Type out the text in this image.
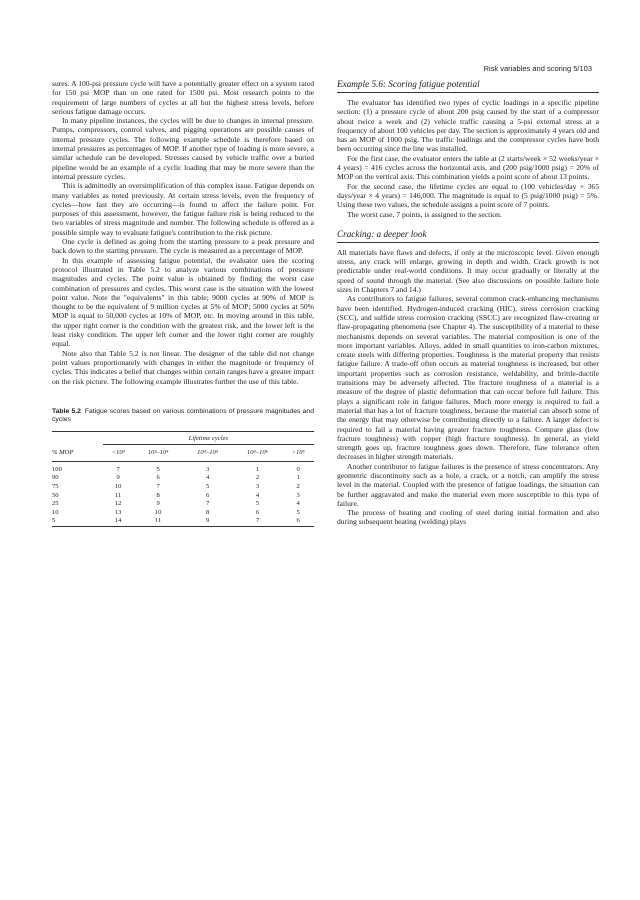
Risk variables and scoring 5/103

sures. A 100-psi pressure cycle will have a potentially greater effect on a system rated for 150 psi MOP than on one rated for 1500 psi. Most research points to the requirement of large numbers of cycles at all but the highest stress levels, before serious fatigue damage occurs.

In many pipeline instances, the cycles will be due to changes in internal pressure. Pumps, compressors, control valves, and pigging operations are possible causes of internal pressure cycles. The following example schedule is therefore based on internal pressures as percentages of MOP. If another type of loading is more severe, a similar schedule can be developed. Stresses caused by vehicle traffic over a buried pipeline would be an example of a cyclic loading that may be more severe than the internal pressure cycles.

This is admittedly an oversimplification of this complex issue. Fatigue depends on many variables as noted previously. At certain stress levels, even the frequency of cycles—how fast they are occurring—is found to affect the failure point. For purposes of this assessment, however, the fatigue failure risk is being reduced to the two variables of stress magnitude and number. The following schedule is offered as a possible simple way to evaluate fatigue's contribution to the risk picture.

One cycle is defined as going from the starting pressure to a peak pressure and back down to the starting pressure. The cycle is measured as a percentage of MOP.

In this example of assessing fatigue potential, the evaluator uses the scoring protocol illustrated in Table 5.2 to analyze various combinations of pressure magnitudes and cycles. The point value is obtained by finding the worst case combination of pressures and cycles. This worst case is the situation with the lowest point value. Note the "equivalents" in this table; 9000 cycles at 90% of MOP is thought to be the equivalent of 9 million cycles at 5% of MOP; 5000 cycles at 50% MOP is equal to 50,000 cycles at 10% of MOP, etc. In moving around in this table, the upper right corner is the condition with the greatest risk, and the lower left is the least risky condition. The upper left corner and the lower right corner are roughly equal.

Note also that Table 5.2 is not linear. The designer of the table did not change point values proportionately with changes in either the magnitude or frequency of cycles. This indicates a belief that changes within certain ranges have a greater impact on the risk picture. The following example illustrates further the use of this table.

Table 5.2 Fatigue scores based on various combinations of pressure magnitudes and cycles
	Lifetime cycles				
% MOP	<10³	10³–10⁴	10⁴–10⁵	10⁵–10⁶	>10⁶
100	7	5	3	1	0
90	9	6	4	2	1
75	10	7	5	3	2
50	11	8	6	4	3
25	12	9	7	5	4
10	13	10	8	6	5
5	14	11	9	7	6
Example 5.6: Scoring fatigue potential

The evaluator has identified two types of cyclic loadings in a specific pipeline section: (1) a pressure cycle of about 200 psig caused by the start of a compressor about twice a week and (2) vehicle traffic causing a 5-psi external stress at a frequency of about 100 vehicles per day. The section is approximately 4 years old and has an MOP of 1000 psig. The traffic loadings and the compressor cycles have both been occurring since the line was installed.

For the first case, the evaluator enters the table at (2 starts/week × 52 weeks/year × 4 years) = 416 cycles across the horizontal axis, and (200 psig/1000 psig) = 20% of MOP on the vertical axis. This combination yields a point score of about 13 points.

For the second case, the lifetime cycles are equal to (100 vehicles/day × 365 days/year × 4 years) = 146,000. The magnitude is equal to (5 psig/1000 psig) = 5%. Using these two values, the schedule assigns a point score of 7 points.

The worst case, 7 points, is assigned to the section.

Cracking: a deeper look

All materials have flaws and defects, if only at the microscopic level. Given enough stress, any crack will enlarge, growing in depth and width. Crack growth is not predictable under real-world conditions. It may occur gradually or literally at the speed of sound through the material. (See also discussions on possible failure hole sizes in Chapters 7 and 14.)

As contributors to fatigue failures, several common crack-enhancing mechanisms have been identified. Hydrogen-induced cracking (HIC), stress corrosion cracking (SCC), and sulfide stress corrosion cracking (SSCC) are recognized flaw-creating or flaw-propagating phenomena (see Chapter 4). The susceptibility of a material to these mechanisms depends on several variables. The material composition is one of the more important variables. Alloys, added in small quantities to iron-carbon mixtures, create steels with differing properties. Toughness is the material property that resists fatigue failure. A trade-off often occurs as material toughness is increased, but other important properties such as corrosion resistance, weldability, and brittle-ductile transitions may be adversely affected. The fracture toughness of a material is a measure of the degree of plastic deformation that can occur before full failure. This plays a significant role in fatigue failures. Much more energy is required to fail a material that has a lot of fracture toughness, because the material can absorb some of the energy that may otherwise be contributing directly to a failure. A larger defect is required to fail a material having greater fracture toughness. Compare glass (low fracture toughness) with copper (high fracture toughness). In general, as yield strength goes up, fracture toughness goes down. Therefore, flaw tolerance often decreases in higher strength materials.

Another contributor to fatigue failures is the presence of stress concentrators. Any geometric discontinuity such as a hole, a crack, or a notch, can amplify the stress level in the material. Coupled with the presence of fatigue loadings, the situation can be further aggravated and make the material even more susceptible to this type of failure.

The process of heating and cooling of steel during initial formation and also during subsequent heating (welding) plays
